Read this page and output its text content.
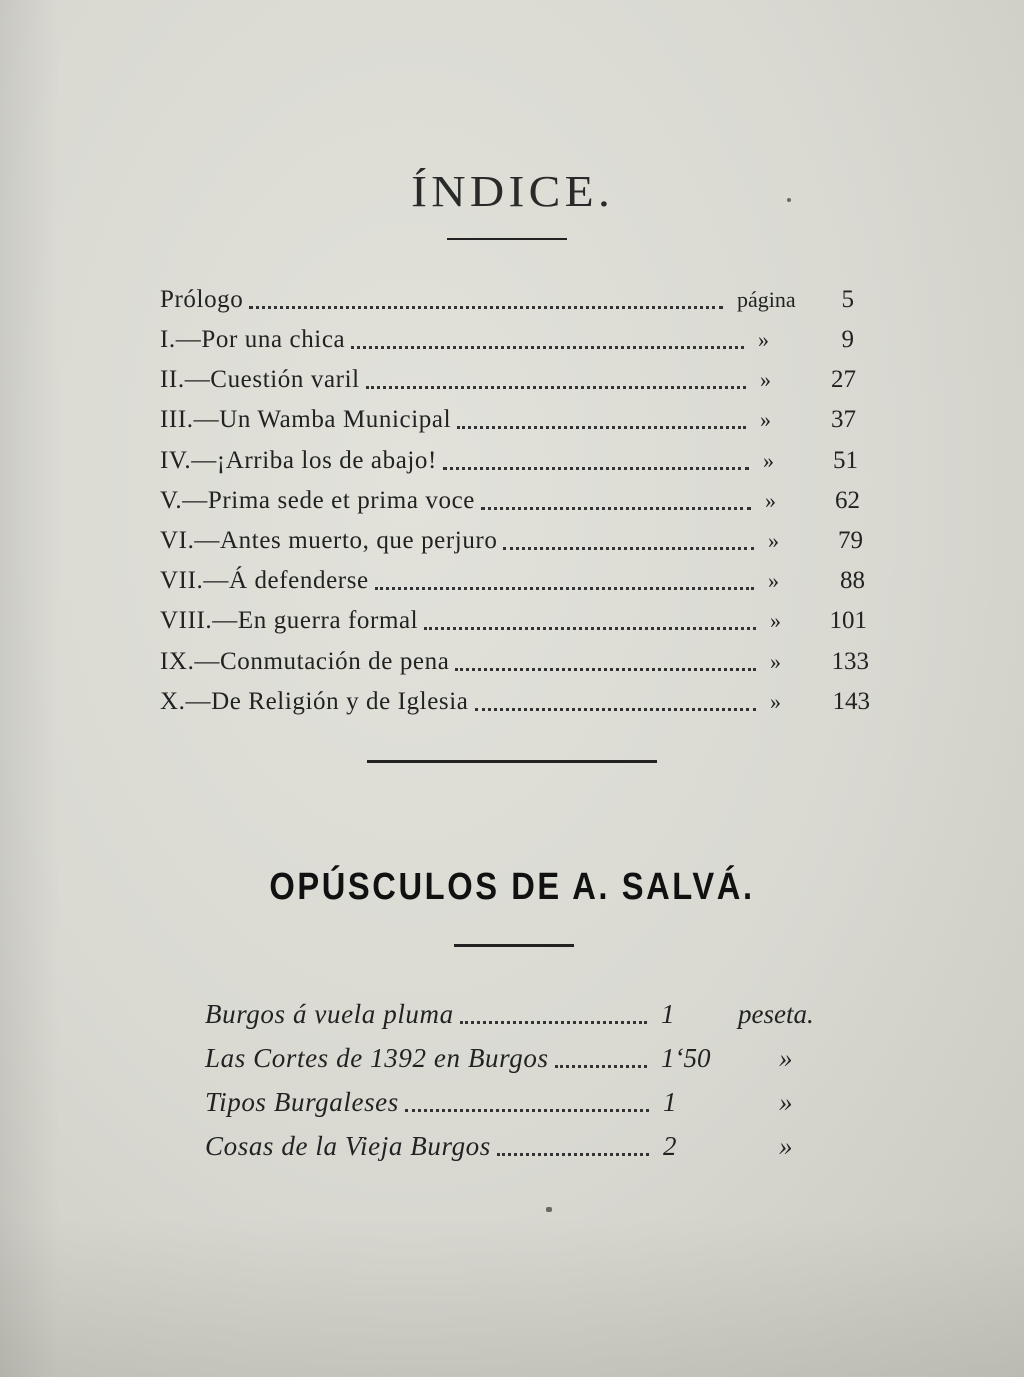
ÍNDICE.
Prólogo	página	5
I.—Por una chica	»	9
II.—Cuestión varil	»	27
III.—Un Wamba Municipal	»	37
IV.—¡Arriba los de abajo!	»	51
V.—Prima sede et prima voce	»	62
VI.—Antes muerto, que perjuro	»	79
VII.—Á defenderse	»	88
VIII.—En guerra formal	»	101
IX.—Conmutación de pena	»	133
X.—De Religión y de Iglesia	»	143
OPÚSCULOS DE A. SALVÁ.
Burgos á vuela pluma	1 peseta.
Las Cortes de 1392 en Burgos	1‘50	»
Tipos Burgaleses	1	»
Cosas de la Vieja Burgos	2	»
